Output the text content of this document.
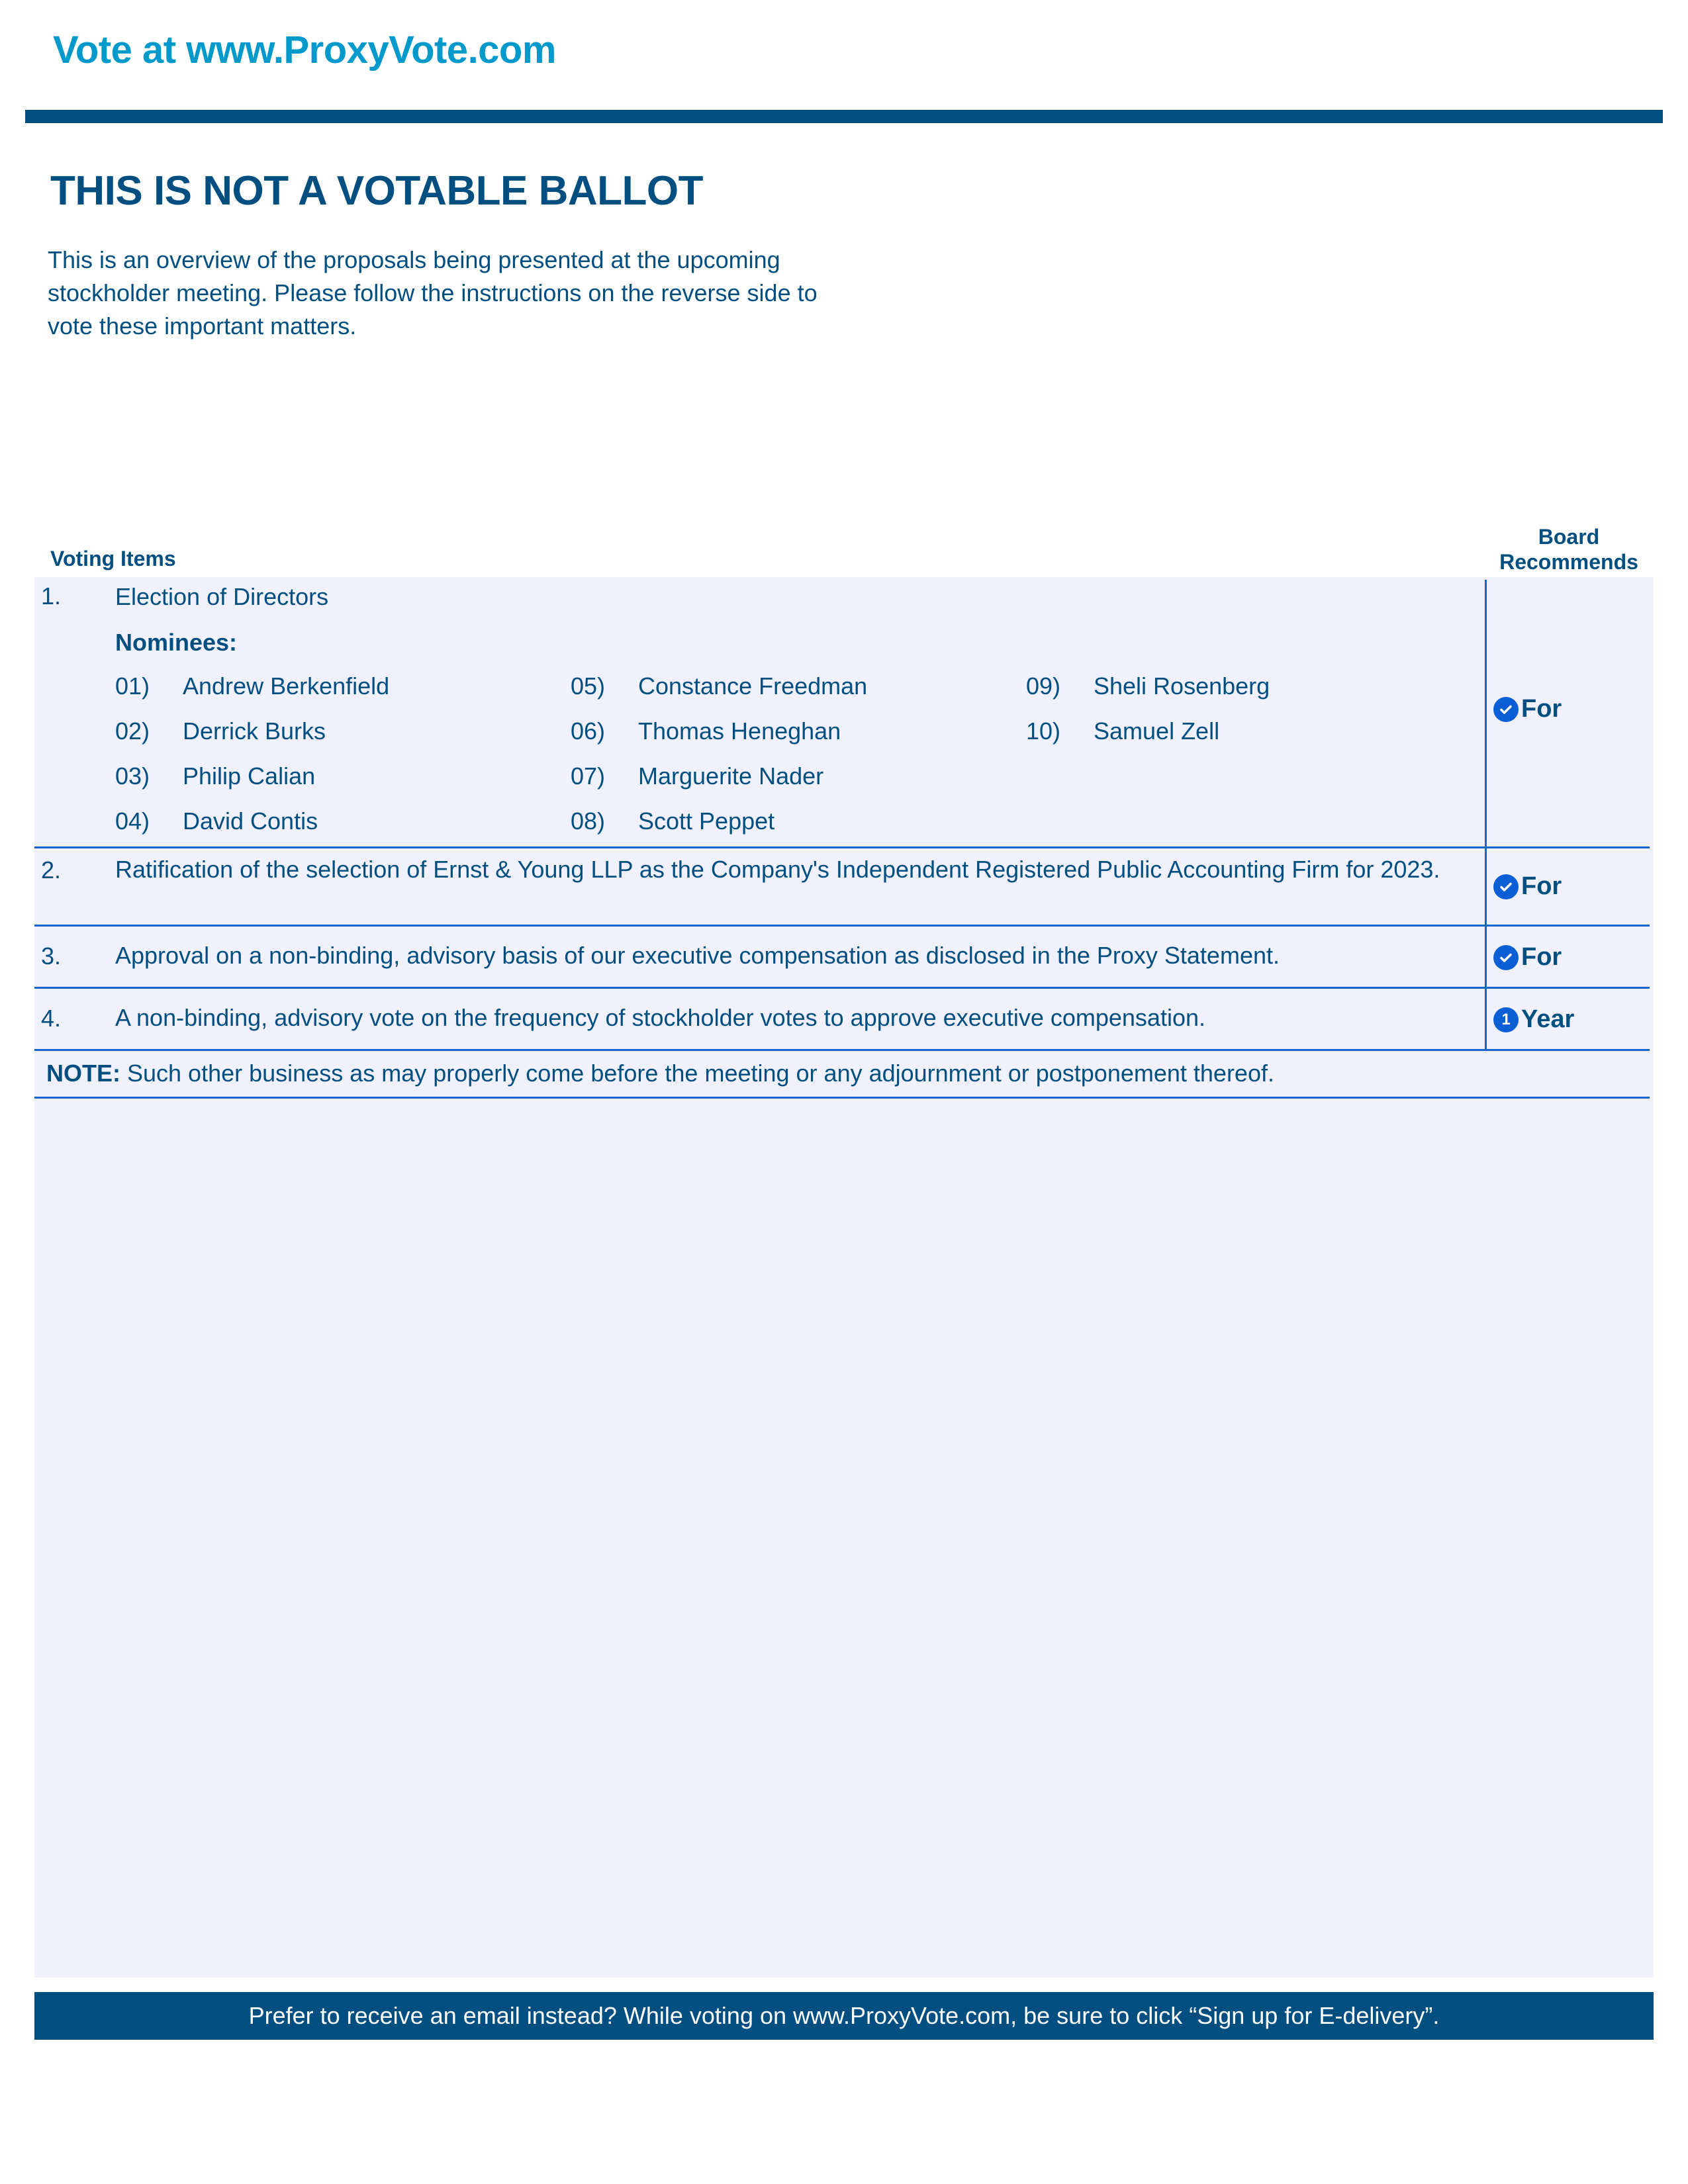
Vote at www.ProxyVote.com
THIS IS NOT A VOTABLE BALLOT
This is an overview of the proposals being presented at the upcoming stockholder meeting. Please follow the instructions on the reverse side to vote these important matters.
Voting Items
Board Recommends
1. Election of Directors
Nominees:
01) Andrew Berkenfield
02) Derrick Burks
03) Philip Calian
04) David Contis
05) Constance Freedman
06) Thomas Heneghan
07) Marguerite Nader
08) Scott Peppet
09) Sheli Rosenberg
10) Samuel Zell
For
2. Ratification of the selection of Ernst & Young LLP as the Company's Independent Registered Public Accounting Firm for 2023.
For
3. Approval on a non-binding, advisory basis of our executive compensation as disclosed in the Proxy Statement.	For
4. A non-binding, advisory vote on the frequency of stockholder votes to approve executive compensation.	1 Year
NOTE: Such other business as may properly come before the meeting or any adjournment or postponement thereof.
Prefer to receive an email instead? While voting on www.ProxyVote.com, be sure to click “Sign up for E-delivery”.
